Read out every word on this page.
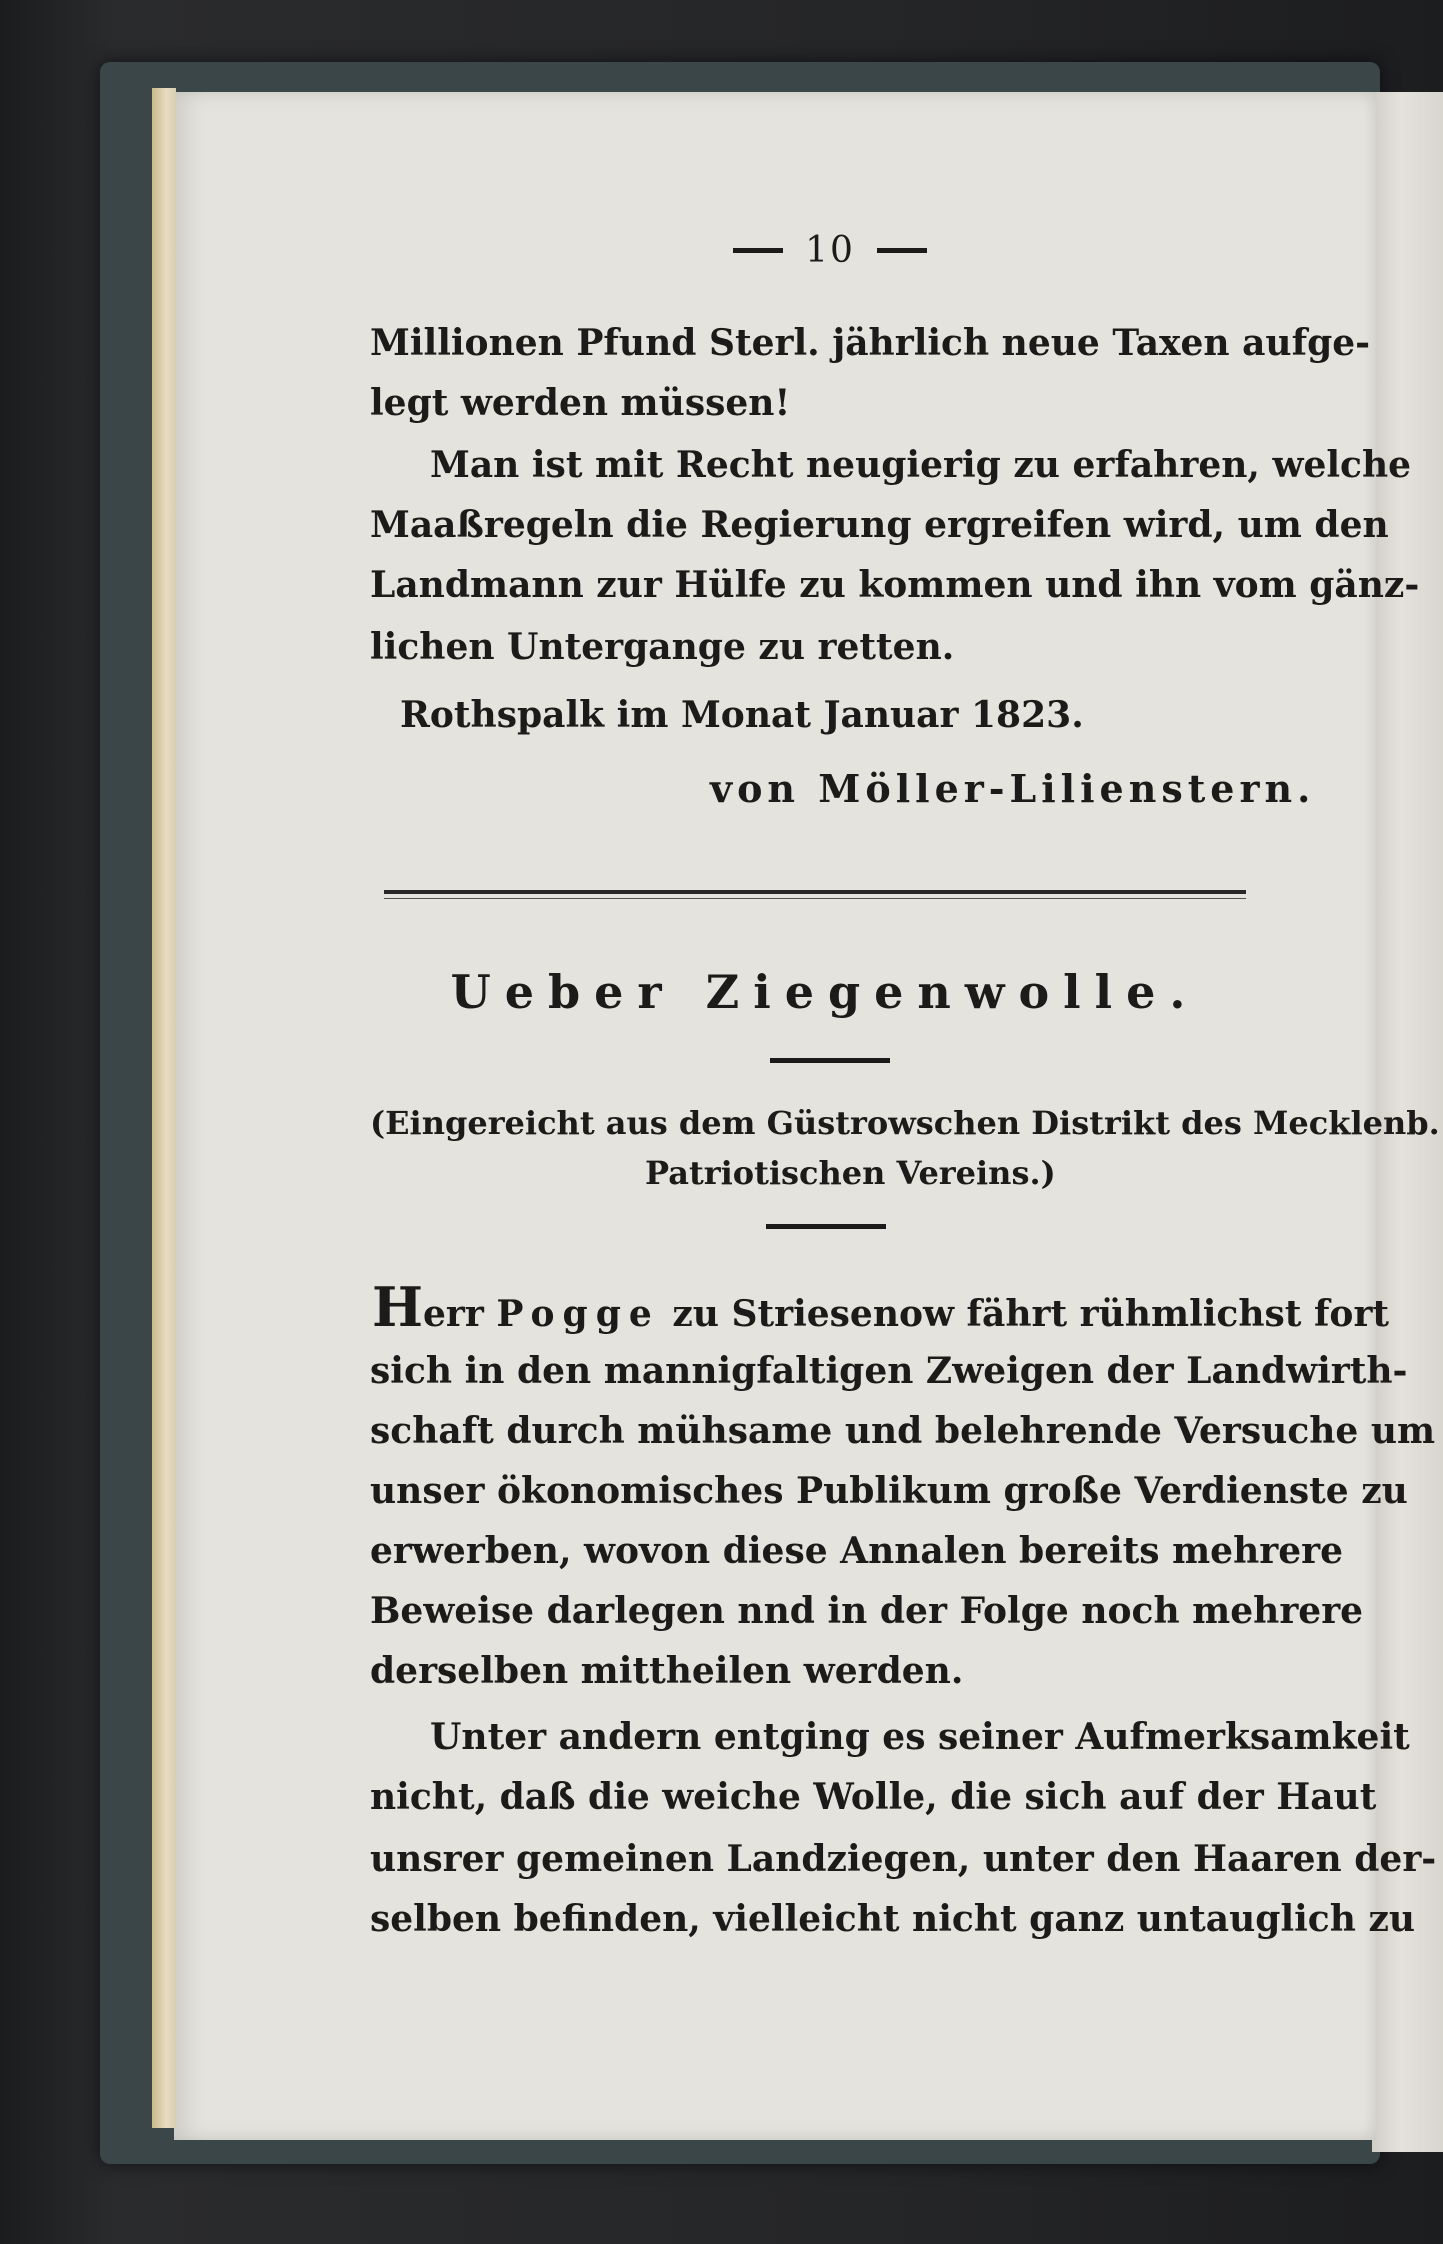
10
Millionen Pfund Sterl. jährlich neue Taxen aufge-
legt werden müssen!
Man ist mit Recht neugierig zu erfahren, welche
Maaßregeln die Regierung ergreifen wird, um den
Landmann zur Hülfe zu kommen und ihn vom gänz-
lichen Untergange zu retten.
Rothspalk im Monat Januar 1823.
von Möller-Lilienstern.
Ueber Ziegenwolle.
(Eingereicht aus dem Güstrowschen Distrikt des Mecklenb.
Patriotischen Vereins.)
Herr Pogge zu Striesenow fährt rühmlichst fort
sich in den mannigfaltigen Zweigen der Landwirth-
schaft durch mühsame und belehrende Versuche um
unser ökonomisches Publikum große Verdienste zu
erwerben, wovon diese Annalen bereits mehrere
Beweise darlegen nnd in der Folge noch mehrere
derselben mittheilen werden.
Unter andern entging es seiner Aufmerksamkeit
nicht, daß die weiche Wolle, die sich auf der Haut
unsrer gemeinen Landziegen, unter den Haaren der-
selben befinden, vielleicht nicht ganz untauglich zu
